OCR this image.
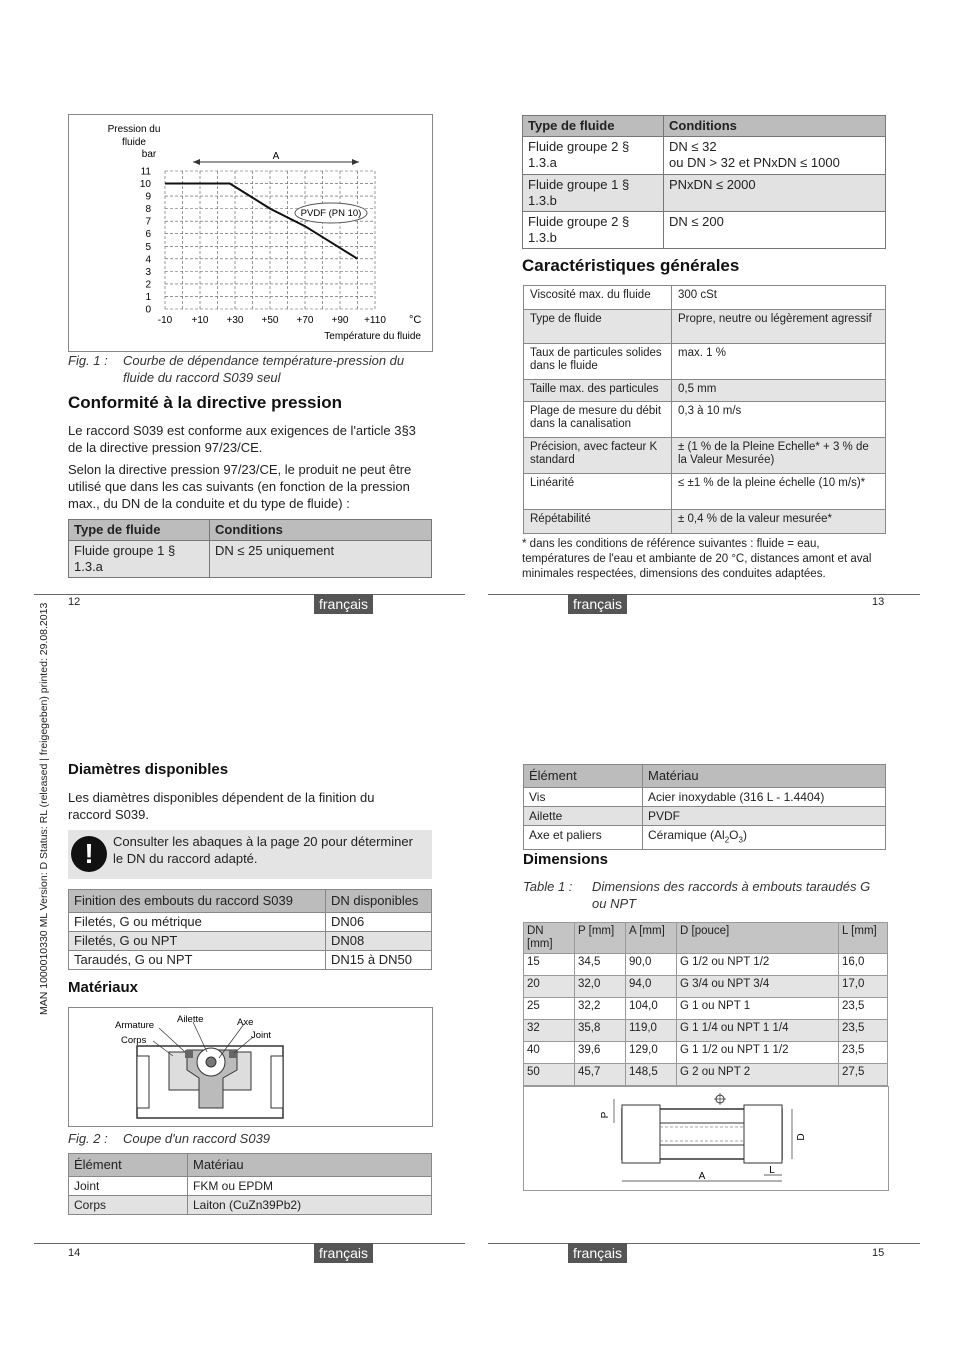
MAN 1000010330 ML Version: D Status: RL (released | freigegeben) printed: 29.08.2013
Pression du
fluide
bar
0
1
2
3
4
5
6
7
8
9
10
11
-10 +10 +30 +50 +70 +90 +110
A
PVDF (PN 10)
°C
Température du fluide
Fig. 1 :	Courbe de dépendance température-pression du fluide du raccord S039 seul
Conformité à la directive pression
Le raccord S039 est conforme aux exigences de l'article 3§3 de la directive pression 97/23/CE.
Selon la directive pression 97/23/CE, le produit ne peut être utilisé que dans les cas suivants (en fonction de la pression max., du DN de la conduite et du type de fluide) :
Type de fluide	Conditions
Fluide groupe 1 § 1.3.a	DN ≤ 25 uniquement
12	français
Type de fluide	Conditions
Fluide groupe 2 § 1.3.a	DN ≤ 32
ou DN > 32 et PNxDN ≤ 1000
Fluide groupe 1 § 1.3.b	PNxDN ≤ 2000
Fluide groupe 2 § 1.3.b	DN ≤ 200
Caractéristiques générales
Viscosité max. du fluide	300 cSt
Type de fluide	Propre, neutre ou légèrement agressif
Taux de particules solides dans le fluide	max. 1 %
Taille max. des particules	0,5 mm
Plage de mesure du débit dans la canalisation	0,3 à 10 m/s
Précision, avec facteur K standard	± (1 % de la Pleine Echelle* + 3 % de la Valeur Mesurée)
Linéarité	≤ ±1 % de la pleine échelle (10 m/s)*
Répétabilité	± 0,4 % de la valeur mesurée*
* dans les conditions de référence suivantes : fluide = eau, températures de l'eau et ambiante de 20 °C, distances amont et aval minimales respectées, dimensions des conduites adaptées.
français	13
Diamètres disponibles
Les diamètres disponibles dépendent de la finition du raccord S039.
!	Consulter les abaques à la page 20 pour déterminer le DN du raccord adapté.
Finition des embouts du raccord S039	DN disponibles
Filetés, G ou métrique	DN06
Filetés, G ou NPT	DN08
Taraudés, G ou NPT	DN15 à DN50
Matériaux
Armature
Corps
Ailette	Axe
Joint
Fig. 2 : Coupe d'un raccord S039
Élément	Matériau
Joint	FKM ou EPDM
Corps	Laiton (CuZn39Pb2)
14	français
Élément	Matériau
Vis	Acier inoxydable (316 L - 1.4404)
Ailette	PVDF
Axe et paliers	Céramique $(Al_2O_3)$
Dimensions
Table 1 : Dimensions des raccords à embouts taraudés G ou NPT
DN [mm]	P [mm]	A [mm]	D [pouce]	L [mm]
15	34,5	90,0	G 1/2 ou NPT 1/2	16,0
20	32,0	94,0	G 3/4 ou NPT 3/4	17,0
25	32,2	104,0	G 1 ou NPT 1	23,5
32	35,8	119,0	G 1 1/4 ou NPT 1 1/4	23,5
40	39,6	129,0	G 1 1/2 ou NPT 1 1/2	23,5
50	45,7	148,5	G 2 ou NPT 2	27,5
P
D
A
L
français	15
